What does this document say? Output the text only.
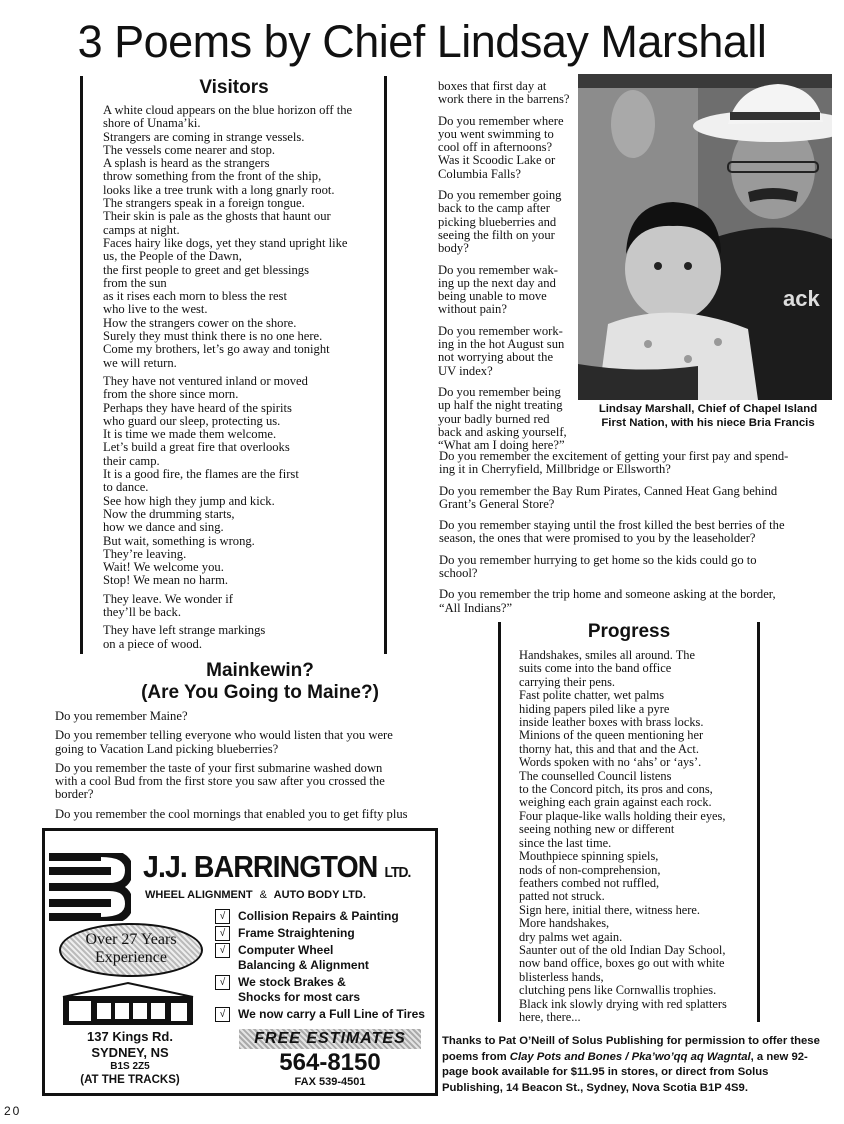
3 Poems by Chief Lindsay Marshall
Visitors

A white cloud appears on the blue horizon off the
shore of Unama’ki.
Strangers are coming in strange vessels.
The vessels come nearer and stop.
A splash is heard as the strangers
throw something from the front of the ship,
looks like a tree trunk with a long gnarly root.
The strangers speak in a foreign tongue.
Their skin is pale as the ghosts that haunt our
camps at night.
Faces hairy like dogs, yet they stand upright like
us, the People of the Dawn,
the first people to greet and get blessings
from the sun
as it rises each morn to bless the rest
who live to the west.
How the strangers cower on the shore.
Surely they must think there is no one here.
Come my brothers, let’s go away and tonight
we will return.

They have not ventured inland or moved
from the shore since morn.
Perhaps they have heard of the spirits
who guard our sleep, protecting us.
It is time we made them welcome.
Let’s build a great fire that overlooks
their camp.
It is a good fire, the flames are the first
to dance.
See how high they jump and kick.
Now the drumming starts,
how we dance and sing.
But wait, something is wrong.
They’re leaving.
Wait! We welcome you.
Stop! We mean no harm.

They leave. We wonder if
they’ll be back.

They have left strange markings
on a piece of wood.

Mainkewin?
(Are You Going to Maine?)
Do you remember Maine?
Do you remember telling everyone who would listen that you were
going to Vacation Land picking blueberries?
Do you remember the taste of your first submarine washed down
with a cool Bud from the first store you saw after you crossed the
border?
Do you remember the cool mornings that enabled you to get fifty plus
boxes that first day at
work there in the barrens?
Do you remember where
you went swimming to
cool off in afternoons?
Was it Scoodic Lake or
Columbia Falls?
Do you remember going
back to the camp after
picking blueberries and
seeing the filth on your
body?
Do you remember wak-
ing up the next day and
being unable to move
without pain?
Do you remember work-
ing in the hot August sun
not worrying about the
UV index?
Do you remember being
up half the night treating
your badly burned red
back and asking yourself,
“What am I doing here?”
ack
Lindsay Marshall, Chief of Chapel Island
First Nation, with his niece Bria Francis
Do you remember the excitement of getting your first pay and spend-
ing it in Cherryfield, Millbridge or Ellsworth?
Do you remember the Bay Rum Pirates, Canned Heat Gang behind
Grant’s General Store?
Do you remember staying until the frost killed the best berries of the
season, the ones that were promised to you by the leaseholder?
Do you remember hurrying to get home so the kids could go to
school?
Do you remember the trip home and someone asking at the border,
“All Indians?”
Progress
Handshakes, smiles all around. The
suits come into the band office
carrying their pens.
Fast polite chatter, wet palms
hiding papers piled like a pyre
inside leather boxes with brass locks.
Minions of the queen mentioning her
thorny hat, this and that and the Act.
Words spoken with no ‘ahs’ or ‘ays’.
The counselled Council listens
to the Concord pitch, its pros and cons,
weighing each grain against each rock.
Four plaque-like walls holding their eyes,
seeing nothing new or different
since the last time.
Mouthpiece spinning spiels,
nods of non-comprehension,
feathers combed not ruffled,
patted not struck.
Sign here, initial there, witness here.
More handshakes,
dry palms wet again.
Saunter out of the old Indian Day School,
now band office, boxes go out with white
blisterless hands,
clutching pens like Cornwallis trophies.
Black ink slowly drying with red splatters
here, there...
J.J. BARRINGTON LTD.
WHEEL ALIGNMENT & AUTO BODY LTD.
Over 27 Years
Experience
√ Collision Repairs & Painting
√ Frame Straightening
√	Computer Wheel
Balancing & Alignment
√	We stock Brakes &
Shocks for most cars
√ We now carry a Full Line of Tires
137 Kings Rd.
SYDNEY, NS
B1S 2Z5
(AT THE TRACKS)
FREE ESTIMATES
564-8150
FAX 539-4501
Thanks to Pat O’Neill of Solus Publishing for permission to offer these poems from Clay Pots and Bones / Pka’wo’qq aq Wagntal, a new 92-page book available for $11.95 in stores, or direct from Solus Publishing, 14 Beacon St., Sydney, Nova Scotia B1P 4S9.
20
